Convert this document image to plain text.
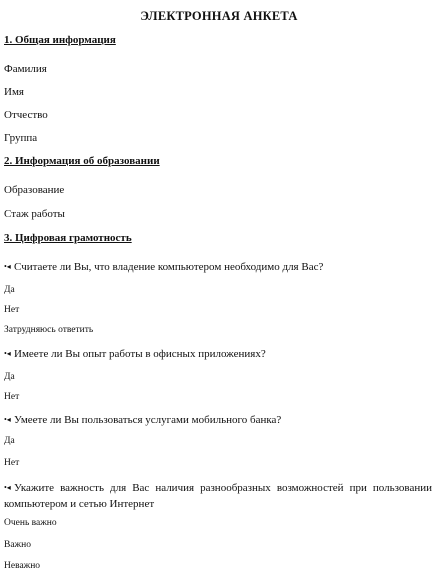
ЭЛЕКТРОННАЯ АНКЕТА
1. Общая информация
Фамилия
Имя
Отчество
Группа
2. Информация об образовании
Образование
Стаж работы
3. Цифровая грамотность
•◂ Считаете ли Вы, что владение компьютером необходимо для Вас?
Да
Нет
Затрудняюсь ответить
•◂ Имеете ли Вы опыт работы в офисных приложениях?
Да
Нет
•◂ Умеете ли Вы пользоваться услугами мобильного банка?
Да
Нет
•◂ Укажите важность для Вас наличия разнообразных возможностей при пользовании компьютером и сетью Интернет
Очень важно
Важно
Неважно
